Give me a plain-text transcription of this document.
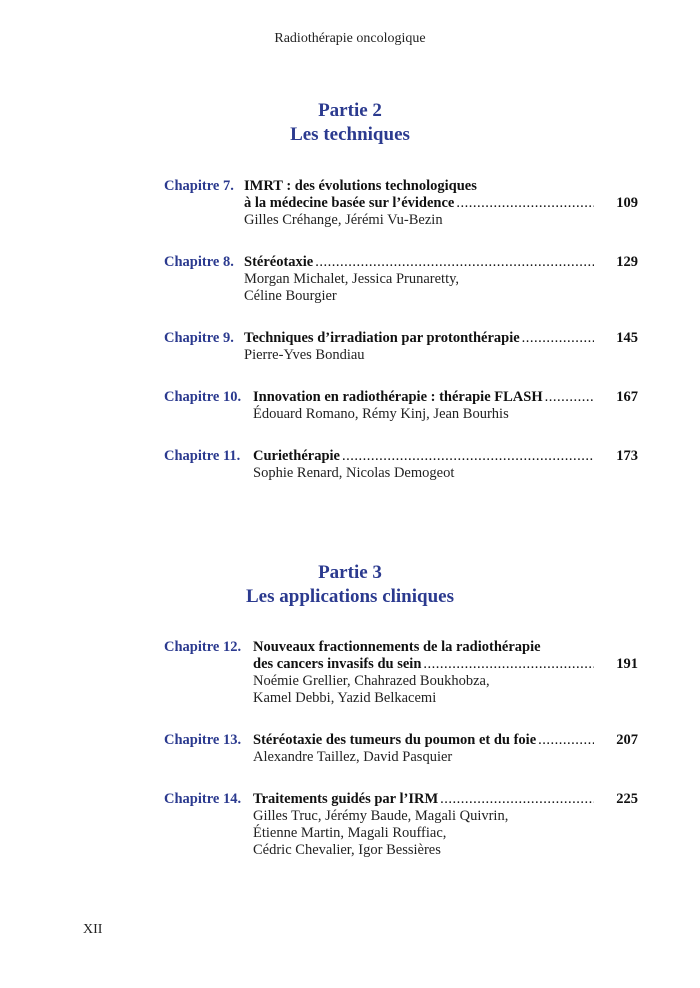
Radiothérapie oncologique
Partie 2
Les techniques
Chapitre 7. IMRT : des évolutions technologiques
à la médecine basée sur l’évidence
.....
Gilles Créhange, Jérémi Vu-Bezin
109
Chapitre 8. Stéréotaxie
.....
Morgan Michalet, Jessica Prunaretty,
Céline Bourgier
129
Chapitre 9. Techniques d’irradiation par protonthérapie
.....
Pierre-Yves Bondiau
145
Chapitre 10. Innovation en radiothérapie : thérapie FLASH
.....
Édouard Romano, Rémy Kinj, Jean Bourhis
167
Chapitre 11. Curiethérapie
.....
Sophie Renard, Nicolas Demogeot
173
Partie 3
Les applications cliniques
Chapitre 12. Nouveaux fractionnements de la radiothérapie
des cancers invasifs du sein
.....
Noémie Grellier, Chahrazed Boukhobza,
Kamel Debbi, Yazid Belkacemi
191
Chapitre 13. Stéréotaxie des tumeurs du poumon et du foie
.....
Alexandre Taillez, David Pasquier
207
Chapitre 14. Traitements guidés par l’IRM
.....
Gilles Truc, Jérémy Baude, Magali Quivrin,
Étienne Martin, Magali Rouffiac,
Cédric Chevalier, Igor Bessières
225
XII
